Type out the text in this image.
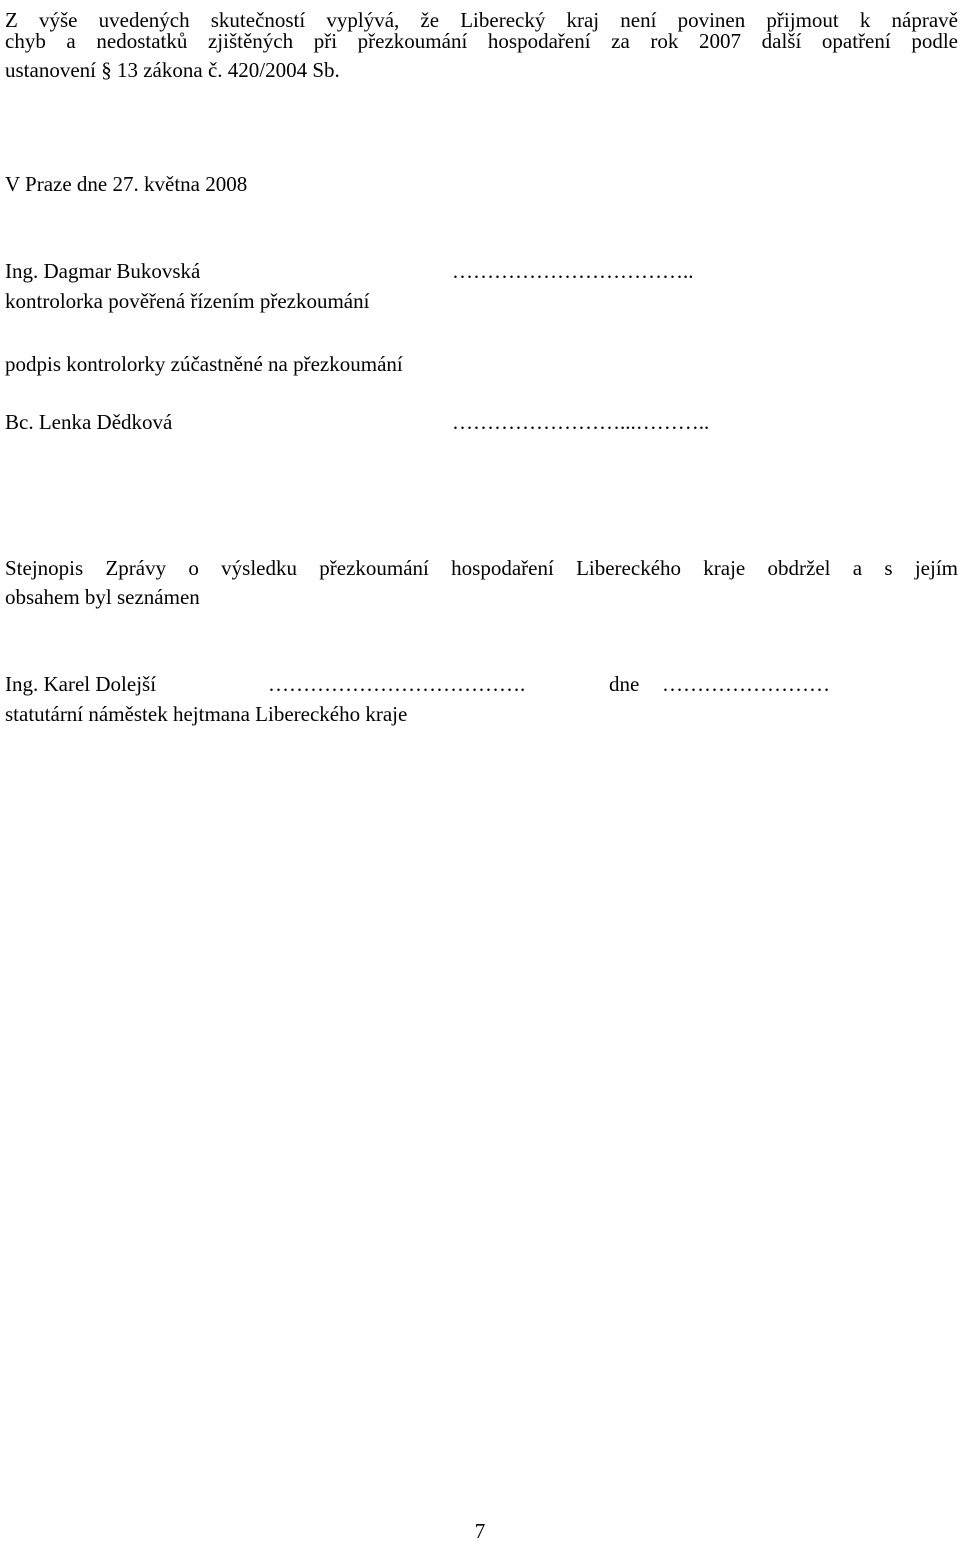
Z výše uvedených skutečností vyplývá, že Liberecký kraj není povinen přijmout k nápravě
chyb a nedostatků zjištěných při přezkoumání hospodaření za rok 2007 další opatření podle
ustanovení § 13 zákona č. 420/2004 Sb.
V Praze dne 27. května 2008
Ing. Dagmar Bukovská	……………………………..
kontrolorka pověřená řízením přezkoumání
podpis kontrolorky zúčastněné na přezkoumání
Bc. Lenka Dědková	……………………...………..
Stejnopis Zprávy o výsledku přezkoumání hospodaření Libereckého kraje obdržel a s jejím
obsahem byl seznámen
Ing. Karel Dolejší	……………………………….	dne ……………………
statutární náměstek hejtmana Libereckého kraje
7
